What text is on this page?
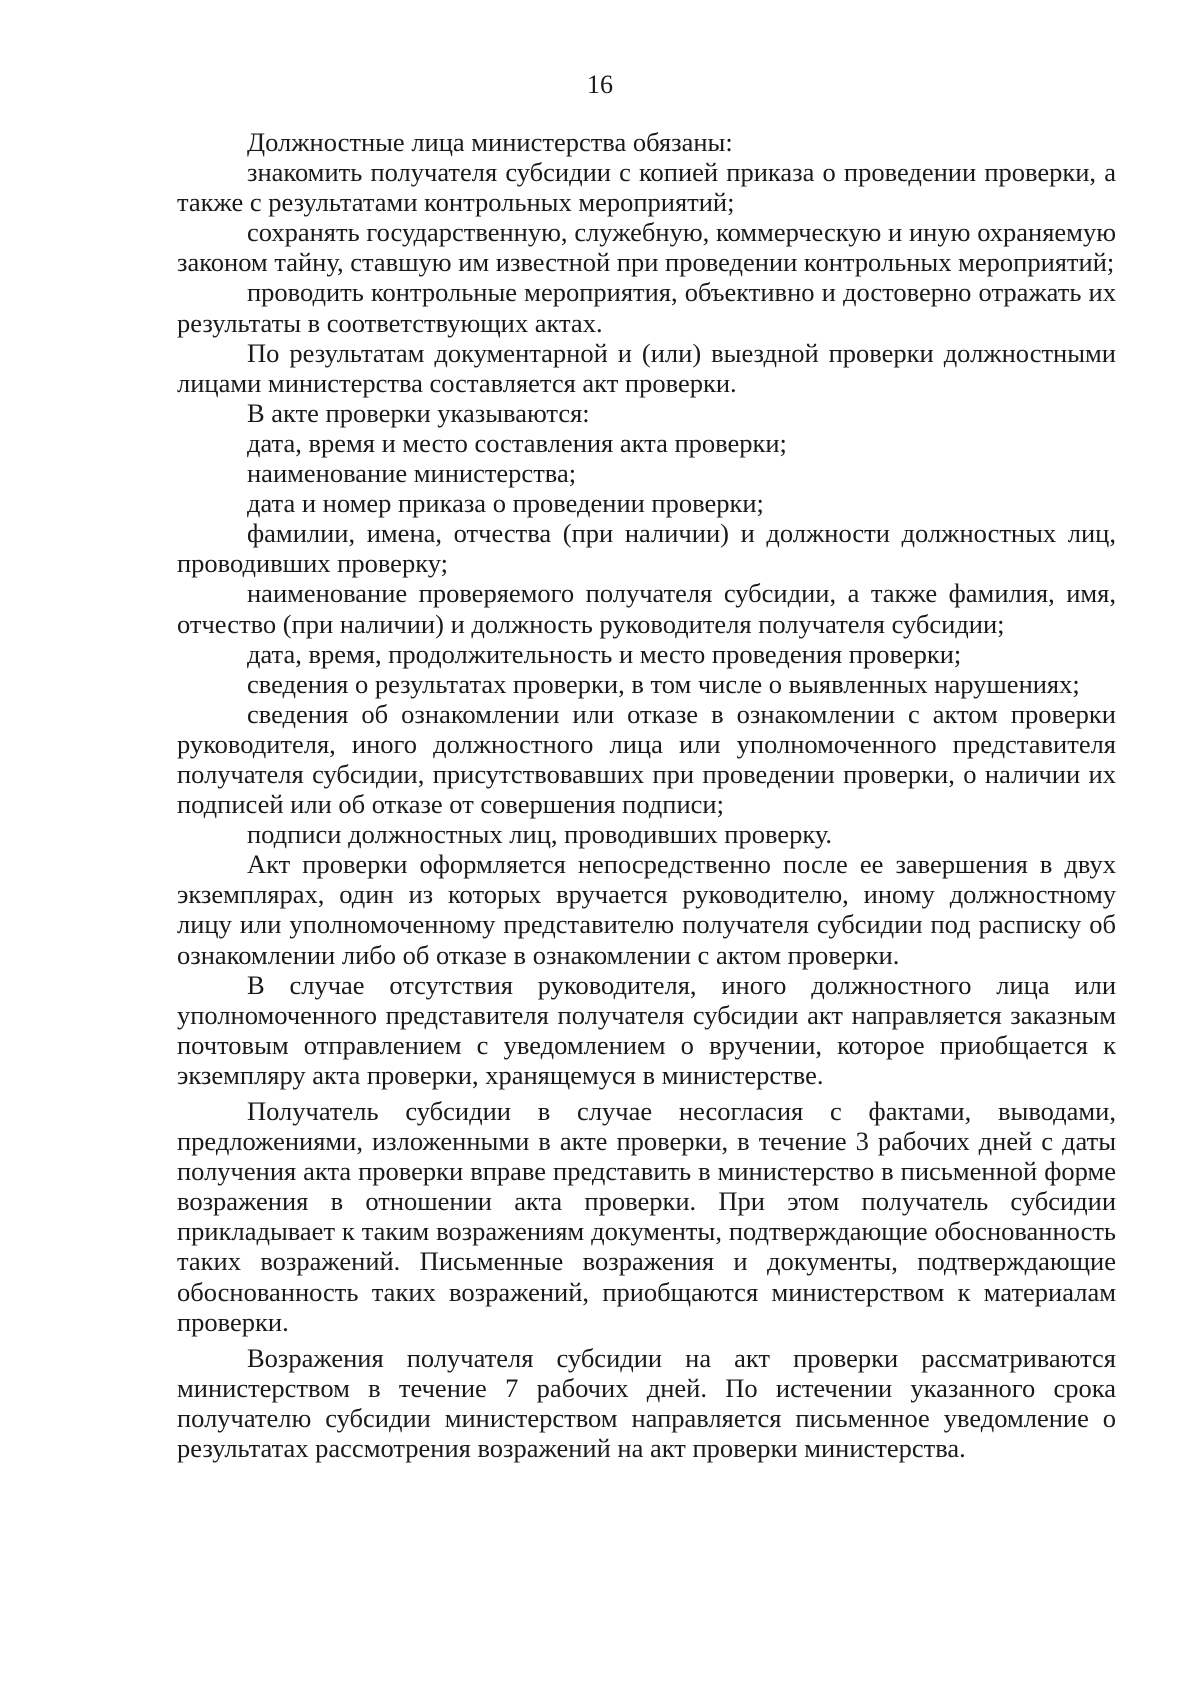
16

Должностные лица министерства обязаны:

знакомить получателя субсидии с копией приказа о проведении проверки, а также с результатами контрольных мероприятий;

сохранять государственную, служебную, коммерческую и иную охраняемую законом тайну, ставшую им известной при проведении контрольных мероприятий;

проводить контрольные мероприятия, объективно и достоверно отражать их результаты в соответствующих актах.

По результатам документарной и (или) выездной проверки должностными лицами министерства составляется акт проверки.

В акте проверки указываются:

дата, время и место составления акта проверки;

наименование министерства;

дата и номер приказа о проведении проверки;

фамилии, имена, отчества (при наличии) и должности должностных лиц, проводивших проверку;

наименование проверяемого получателя субсидии, а также фамилия, имя, отчество (при наличии) и должность руководителя получателя субсидии;

дата, время, продолжительность и место проведения проверки;

сведения о результатах проверки, в том числе о выявленных нарушениях;

сведения об ознакомлении или отказе в ознакомлении с актом проверки руководителя, иного должностного лица или уполномоченного представителя получателя субсидии, присутствовавших при проведении проверки, о наличии их подписей или об отказе от совершения подписи;

подписи должностных лиц, проводивших проверку.

Акт проверки оформляется непосредственно после ее завершения в двух экземплярах, один из которых вручается руководителю, иному должностному лицу или уполномоченному представителю получателя субсидии под расписку об ознакомлении либо об отказе в ознакомлении с актом проверки.

В случае отсутствия руководителя, иного должностного лица или уполномоченного представителя получателя субсидии акт направляется заказным почтовым отправлением с уведомлением о вручении, которое приобщается к экземпляру акта проверки, хранящемуся в министерстве.

Получатель субсидии в случае несогласия с фактами, выводами, предложениями, изложенными в акте проверки, в течение 3 рабочих дней с даты получения акта проверки вправе представить в министерство в письменной форме возражения в отношении акта проверки. При этом получатель субсидии прикладывает к таким возражениям документы, подтверждающие обоснованность таких возражений. Письменные возражения и документы, подтверждающие обоснованность таких возражений, приобщаются министерством к материалам проверки.

Возражения получателя субсидии на акт проверки рассматриваются министерством в течение 7 рабочих дней. По истечении указанного срока получателю субсидии министерством направляется письменное уведомление о результатах рассмотрения возражений на акт проверки министерства.
